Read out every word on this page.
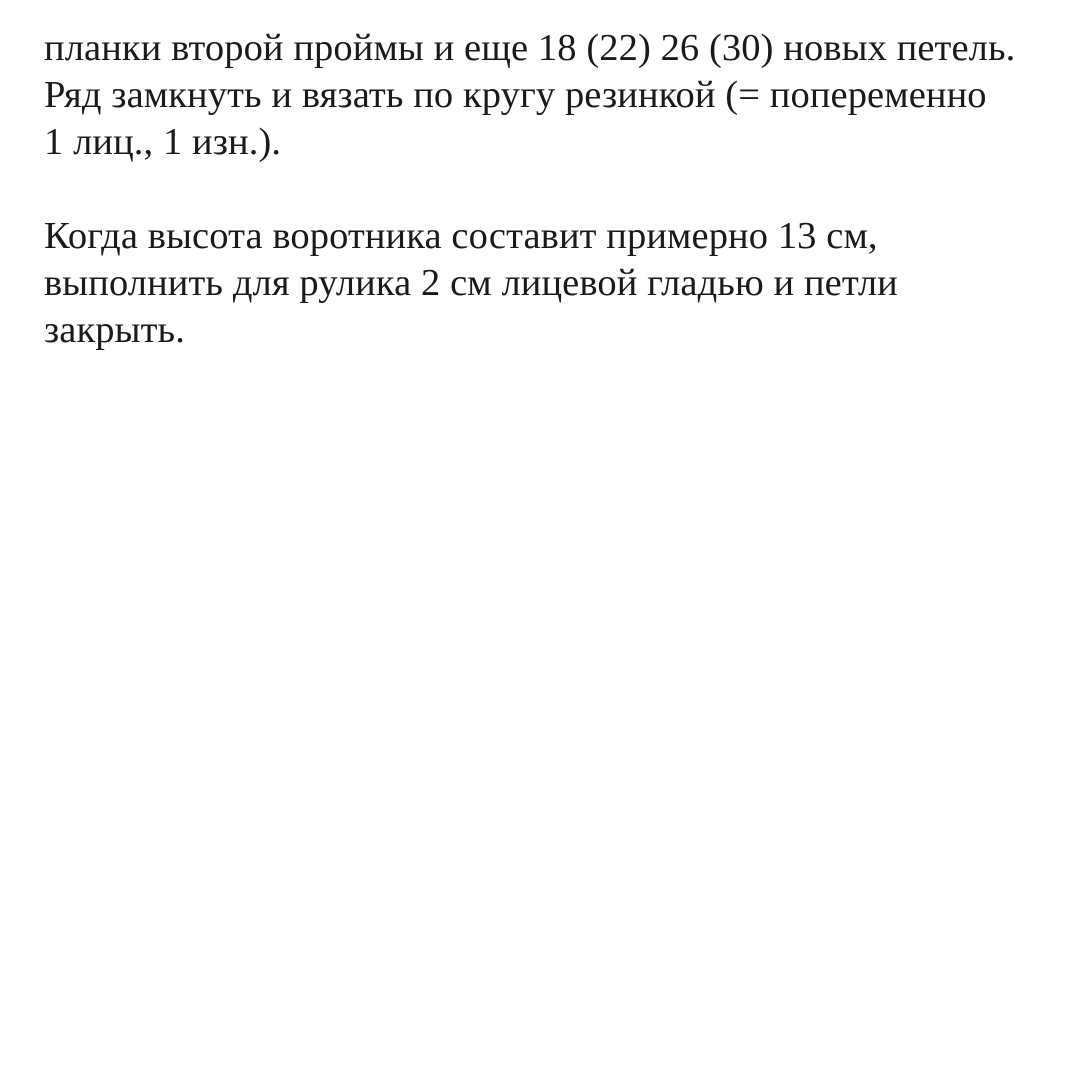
планки второй проймы и еще 18 (22) 26 (30) новых петель.
Ряд замкнуть и вязать по кругу резинкой (= попеременно
1 лиц., 1 изн.).
Когда высота воротника составит примерно 13 см,
выполнить для рулика 2 см лицевой гладью и петли
закрыть.
